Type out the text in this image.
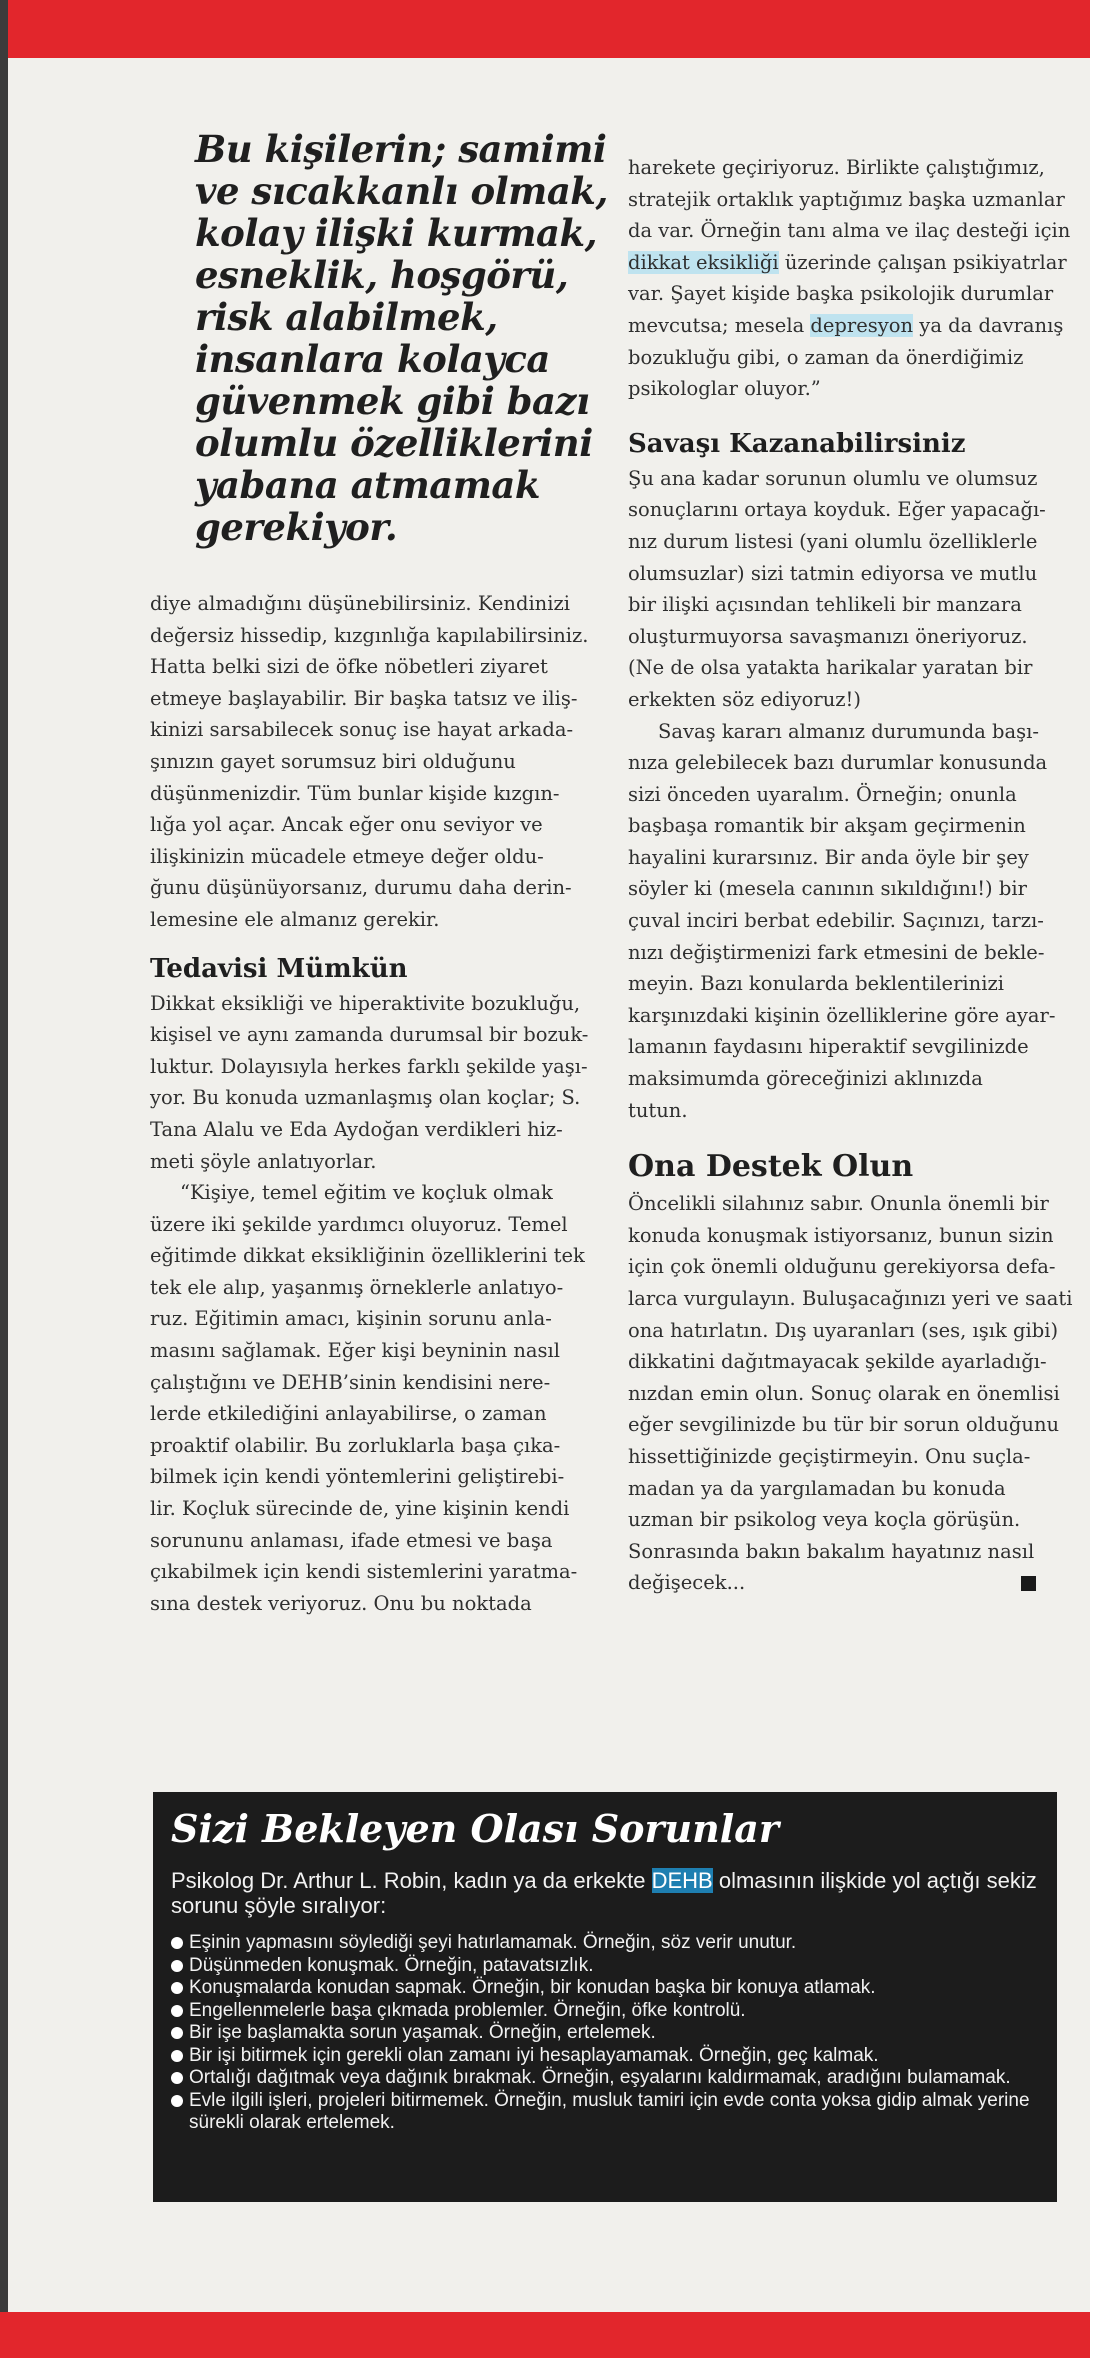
Bu kişilerin; samimi
ve sıcakkanlı olmak,
kolay ilişki kurmak,
esneklik, hoşgörü,
risk alabilmek,
insanlara kolayca
güvenmek gibi bazı
olumlu özelliklerini
yabana atmamak
gerekiyor.

diye almadığını düşünebilirsiniz. Kendinizi
değersiz hissedip, kızgınlığa kapılabilirsiniz.
Hatta belki sizi de öfke nöbetleri ziyaret
etmeye başlayabilir. Bir başka tatsız ve iliş-
kinizi sarsabilecek sonuç ise hayat arkada-
şınızın gayet sorumsuz biri olduğunu
düşünmenizdir. Tüm bunlar kişide kızgın-
lığa yol açar. Ancak eğer onu seviyor ve
ilişkinizin mücadele etmeye değer oldu-
ğunu düşünüyorsanız, durumu daha derin-
lemesine ele almanız gerekir.

Tedavisi Mümkün

Dikkat eksikliği ve hiperaktivite bozukluğu,
kişisel ve aynı zamanda durumsal bir bozuk-
luktur. Dolayısıyla herkes farklı şekilde yaşı-
yor. Bu konuda uzmanlaşmış olan koçlar; S.
Tana Alalu ve Eda Aydoğan verdikleri hiz-
meti şöyle anlatıyorlar.

“Kişiye, temel eğitim ve koçluk olmak
üzere iki şekilde yardımcı oluyoruz. Temel
eğitimde dikkat eksikliğinin özelliklerini tek
tek ele alıp, yaşanmış örneklerle anlatıyo-
ruz. Eğitimin amacı, kişinin sorunu anla-
masını sağlamak. Eğer kişi beyninin nasıl
çalıştığını ve DEHB’sinin kendisini nere-
lerde etkilediğini anlayabilirse, o zaman
proaktif olabilir. Bu zorluklarla başa çıka-
bilmek için kendi yöntemlerini geliştirebi-
lir. Koçluk sürecinde de, yine kişinin kendi
sorununu anlaması, ifade etmesi ve başa
çıkabilmek için kendi sistemlerini yaratma-
sına destek veriyoruz. Onu bu noktada

harekete geçiriyoruz. Birlikte çalıştığımız,
stratejik ortaklık yaptığımız başka uzmanlar
da var. Örneğin tanı alma ve ilaç desteği için
dikkat eksikliği üzerinde çalışan psikiyatrlar
var. Şayet kişide başka psikolojik durumlar
mevcutsa; mesela depresyon ya da davranış
bozukluğu gibi, o zaman da önerdiğimiz
psikologlar oluyor.”

Savaşı Kazanabilirsiniz

Şu ana kadar sorunun olumlu ve olumsuz
sonuçlarını ortaya koyduk. Eğer yapacağı-
nız durum listesi (yani olumlu özelliklerle
olumsuzlar) sizi tatmin ediyorsa ve mutlu
bir ilişki açısından tehlikeli bir manzara
oluşturmuyorsa savaşmanızı öneriyoruz.
(Ne de olsa yatakta harikalar yaratan bir
erkekten söz ediyoruz!)

Savaş kararı almanız durumunda başı-
nıza gelebilecek bazı durumlar konusunda
sizi önceden uyaralım. Örneğin; onunla
başbaşa romantik bir akşam geçirmenin
hayalini kurarsınız. Bir anda öyle bir şey
söyler ki (mesela canının sıkıldığını!) bir
çuval inciri berbat edebilir. Saçınızı, tarzı-
nızı değiştirmenizi fark etmesini de bekle-
meyin. Bazı konularda beklentilerinizi
karşınızdaki kişinin özelliklerine göre ayar-
lamanın faydasını hiperaktif sevgilinizde
maksimumda göreceğinizi aklınızda
tutun.

Ona Destek Olun

Öncelikli silahınız sabır. Onunla önemli bir
konuda konuşmak istiyorsanız, bunun sizin
için çok önemli olduğunu gerekiyorsa defa-
larca vurgulayın. Buluşacağınızı yeri ve saati
ona hatırlatın. Dış uyaranları (ses, ışık gibi)
dikkatini dağıtmayacak şekilde ayarladığı-
nızdan emin olun. Sonuç olarak en önemlisi
eğer sevgilinizde bu tür bir sorun olduğunu
hissettiğinizde geçiştirmeyin. Onu suçla-
madan ya da yargılamadan bu konuda
uzman bir psikolog veya koçla görüşün.
Sonrasında bakın bakalım hayatınız nasıl
değişecek...

Sizi Bekleyen Olası Sorunlar
Psikolog Dr. Arthur L. Robin, kadın ya da erkekte DEHB olmasının ilişkide yol açtığı sekiz sorunu şöyle sıralıyor:
Eşinin yapmasını söylediği şeyi hatırlamamak. Örneğin, söz verir unutur.
Düşünmeden konuşmak. Örneğin, patavatsızlık.
Konuşmalarda konudan sapmak. Örneğin, bir konudan başka bir konuya atlamak.
Engellenmelerle başa çıkmada problemler. Örneğin, öfke kontrolü.
Bir işe başlamakta sorun yaşamak. Örneğin, ertelemek.
Bir işi bitirmek için gerekli olan zamanı iyi hesaplayamamak. Örneğin, geç kalmak.
Ortalığı dağıtmak veya dağınık bırakmak. Örneğin, eşyalarını kaldırmamak, aradığını bulamamak.
Evle ilgili işleri, projeleri bitirmemek. Örneğin, musluk tamiri için evde conta yoksa gidip almak yerine sürekli olarak ertelemek.
